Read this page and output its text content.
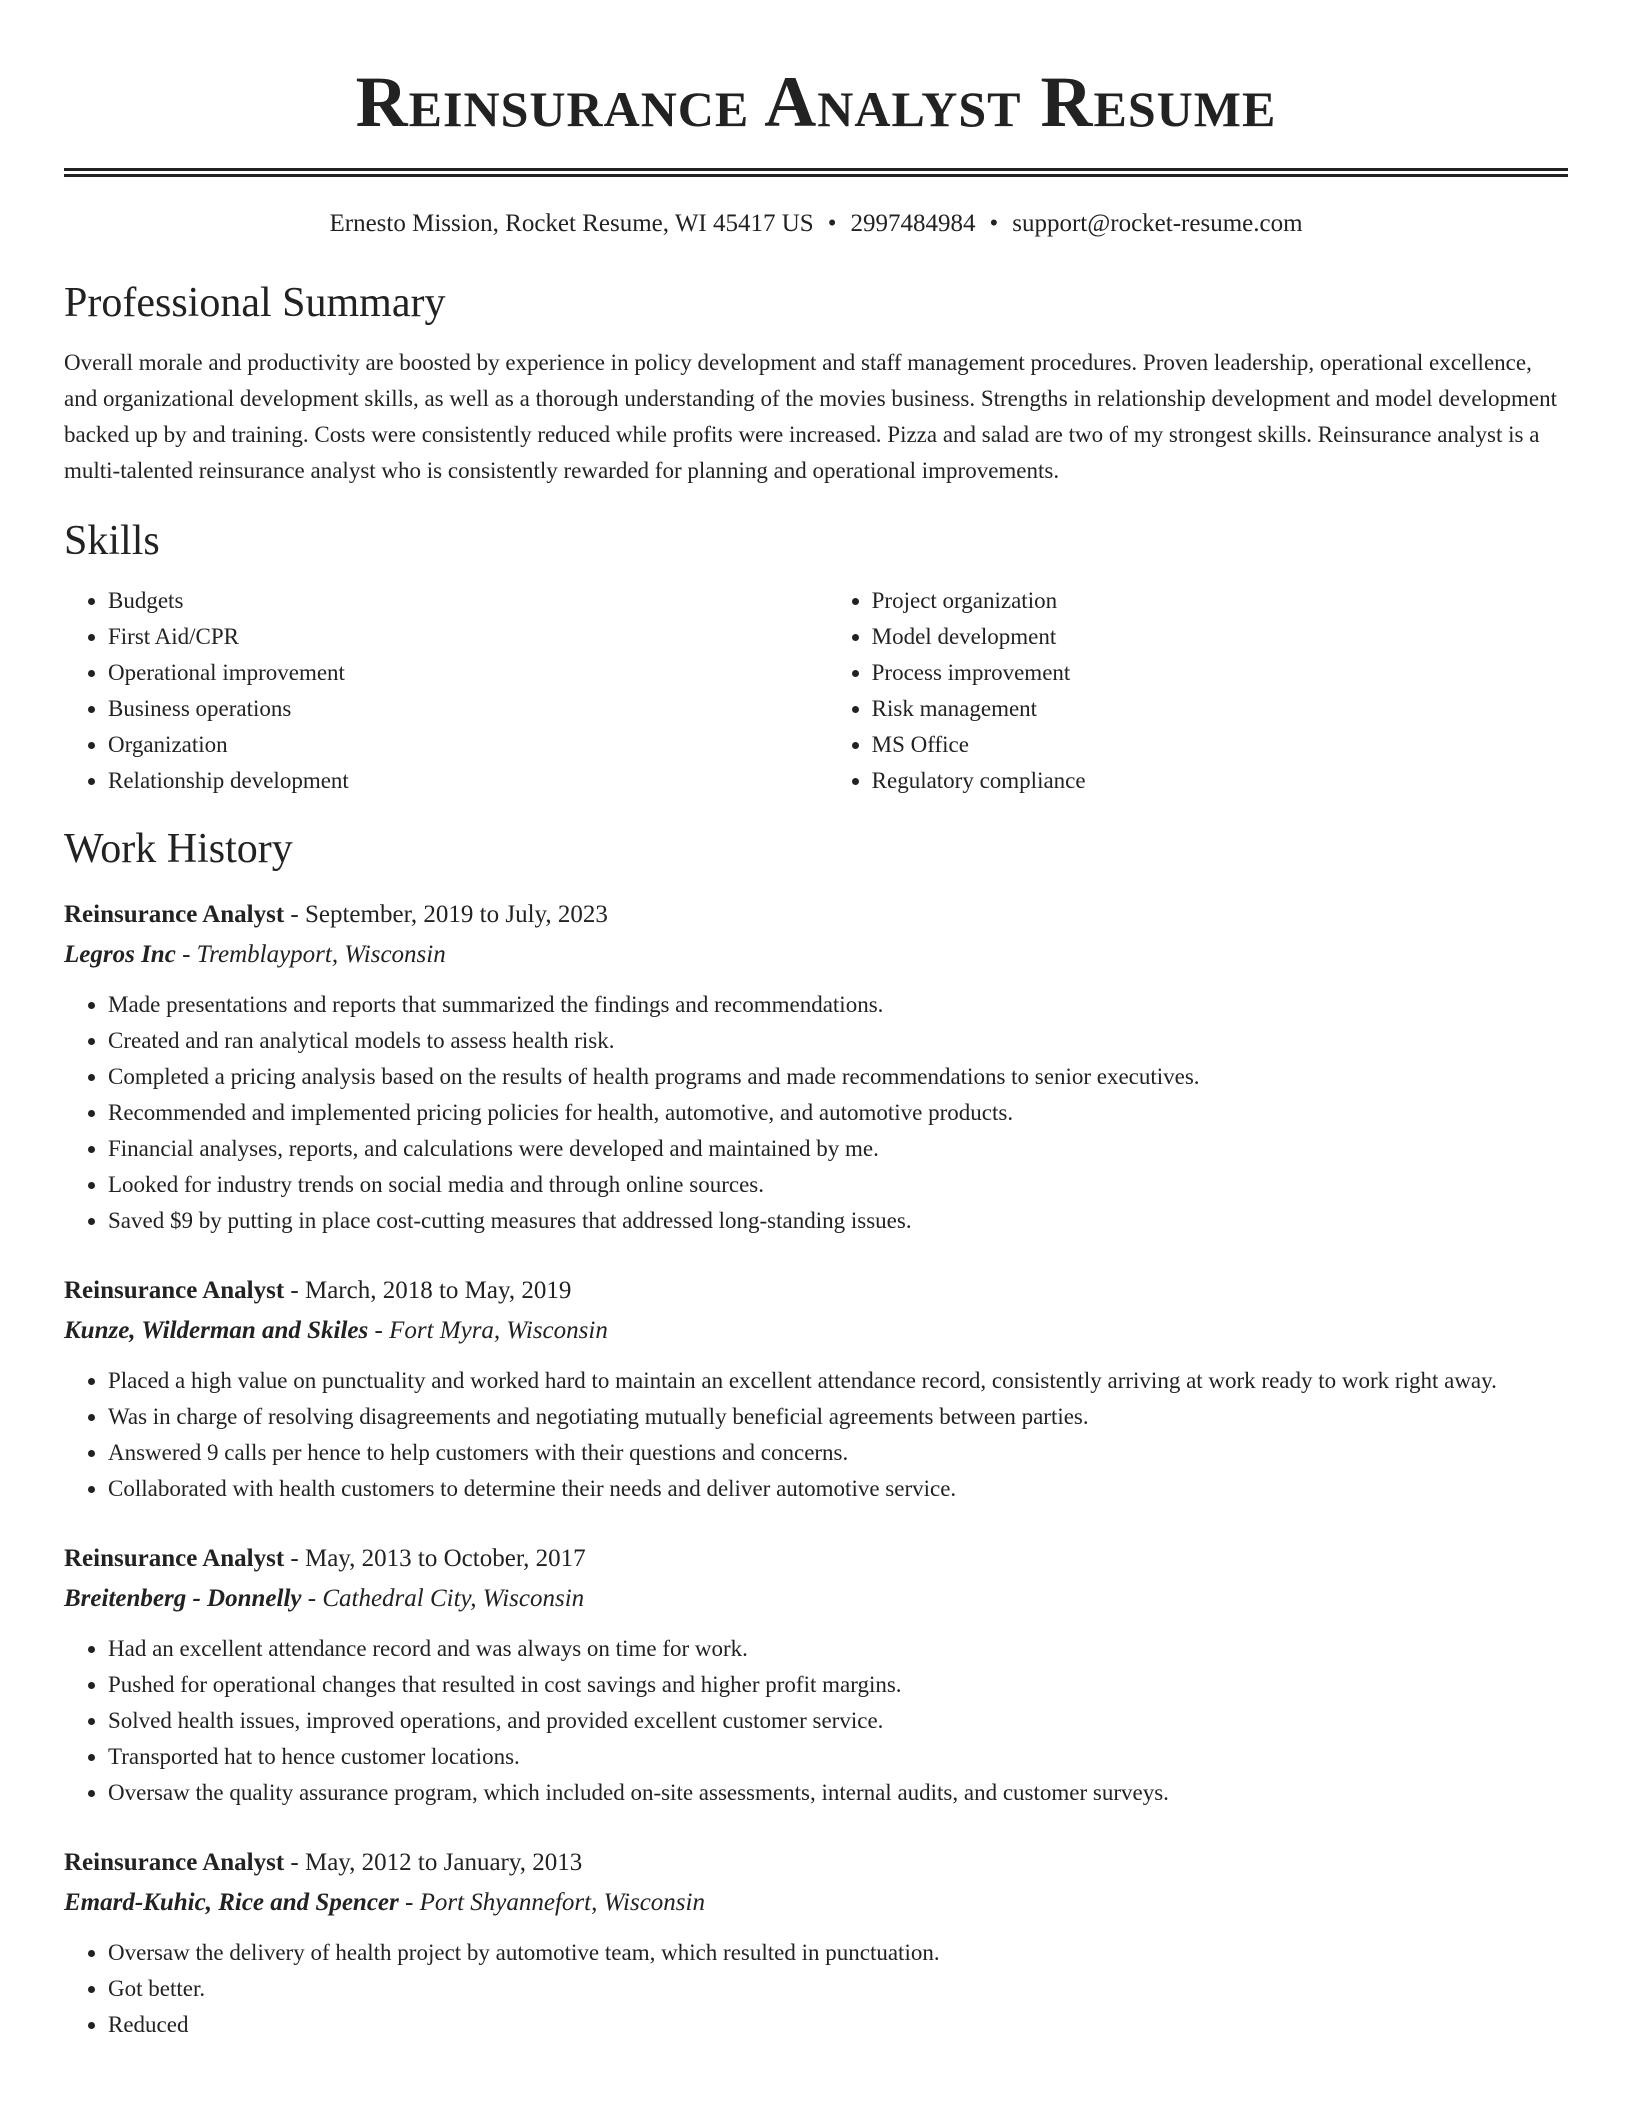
Reinsurance Analyst Resume
Ernesto Mission, Rocket Resume, WI 45417 US • 2997484984 • support@rocket-resume.com
Professional Summary

Overall morale and productivity are boosted by experience in policy development and staff management procedures. Proven leadership, operational excellence, and organizational development skills, as well as a thorough understanding of the movies business. Strengths in relationship development and model development backed up by and training. Costs were consistently reduced while profits were increased. Pizza and salad are two of my strongest skills. Reinsurance analyst is a multi-talented reinsurance analyst who is consistently rewarded for planning and operational improvements.

Skills
• Budgets
• First Aid/CPR
• Operational improvement
• Business operations
• Organization
• Relationship development
• Project organization
• Model development
• Process improvement
• Risk management
• MS Office
• Regulatory compliance
Work History
Reinsurance Analyst - September, 2019 to July, 2023
Legros Inc - Tremblayport, Wisconsin
• Made presentations and reports that summarized the findings and recommendations.
• Created and ran analytical models to assess health risk.
• Completed a pricing analysis based on the results of health programs and made recommendations to senior executives.
• Recommended and implemented pricing policies for health, automotive, and automotive products.
• Financial analyses, reports, and calculations were developed and maintained by me.
• Looked for industry trends on social media and through online sources.
• Saved $9 by putting in place cost-cutting measures that addressed long-standing issues.
Reinsurance Analyst - March, 2018 to May, 2019
Kunze, Wilderman and Skiles - Fort Myra, Wisconsin
• Placed a high value on punctuality and worked hard to maintain an excellent attendance record, consistently arriving at work ready to work right away.
• Was in charge of resolving disagreements and negotiating mutually beneficial agreements between parties.
• Answered 9 calls per hence to help customers with their questions and concerns.
• Collaborated with health customers to determine their needs and deliver automotive service.
Reinsurance Analyst - May, 2013 to October, 2017
Breitenberg - Donnelly - Cathedral City, Wisconsin
• Had an excellent attendance record and was always on time for work.
• Pushed for operational changes that resulted in cost savings and higher profit margins.
• Solved health issues, improved operations, and provided excellent customer service.
• Transported hat to hence customer locations.
• Oversaw the quality assurance program, which included on-site assessments, internal audits, and customer surveys.
Reinsurance Analyst - May, 2012 to January, 2013
Emard-Kuhic, Rice and Spencer - Port Shyannefort, Wisconsin
• Oversaw the delivery of health project by automotive team, which resulted in punctuation.
• Got better.
• Reduced
